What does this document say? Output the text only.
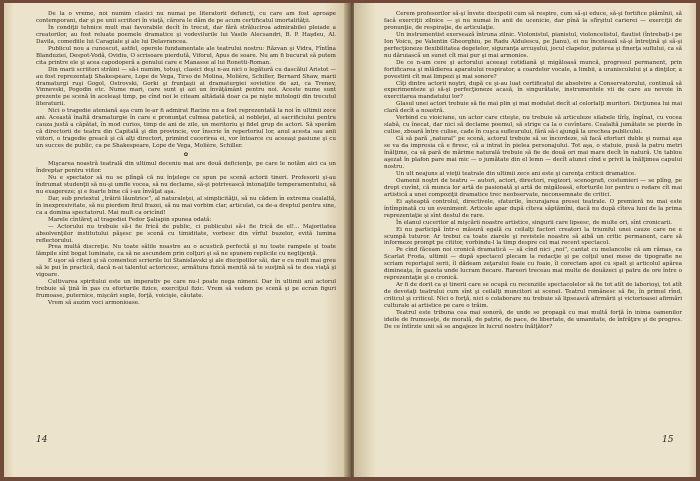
De la o vreme, noi numim clasici nu numai pe literatorii defuncţi, cu care am fost aproape contemporani, dar şi pe unii scriitori în viaţă, cărora le dăm de pe acum certificatul imortalităţii.

În condiţii tehnice mult mai favorabile decît în trecut, dar fără străluciroa admirabilei pleiade a creatorilor, au fost reluate poemele dramatice şi vodevilurile lui Vasile Alecsandri, B. P. Haşdeu, Al. Davila, comediile lui Caragiale şi ale lui Delavrancea.

Publicul nou a cunoscut, astfel, operele fundamentale ale teatrului nostru: Răzvan şi Vidra, Fîntîna Blanduziei, Despot-Vodă, Ovidiu, O scrisoare pierdută, Viforul, Apus de soare. Nu am fi bucurat să putem cita printre ele şi acea capodoperă a genului care e Manasse al lui Ronetti-Roman.

Din marii scriitori străini — să-i numim, totuşi, clasici deşi n-au nici o legătură cu dascălul Aristot — au fost reprezentaţi Shakespeare, Lope de Vega, Tirso de Molina, Molière, Schiller, Bernard Shaw, marii dramaturgi ruşi Gogol, Ostrovski, Gorki şi frunţaşii ai dramaturgiei sovietice de azi, ca Trenev, Vinnevski, Pogodin etc. Nume mari, care sunt şi azi un învăţământ pentru noi. Aceste nume sunt prezente pe scenă în aceleaşi timp, pe cînd noi le citeam altădată doar ca pe nişte mitologii din trecutul literaturii.

Nici o tragedie ateniană aşa cum le-ar fi admirat Racine nu a fost reprezentată la noi în ultimii zece ani. Această înaltă dramaturgie în care e pronunţat culmea patetică, al nobleţei, al sacrificiului pentru cauza justă a căpătat, în mod curios, timp de ani de zile, un meritoriu şi fidel grup de actori. Să sperăm că directorii de teatru din Capitală şi din provincie, vor înscrie în repertoriul lor, anul acesta sau anii viitori, o tragedie greacă şi că alţi directori, primind cucerirea ei, vor întoarce cu aceeaşi pasiune şi cu un succes de public, ca pe Shakespeare, Lope de Vega, Molière, Schiller.

✿

Mişcarea noastră teatrală din ultimul deceniu mai are două deficienţe, pe care le notăm aici ca un îndreptar pentru viitor.

Nu e spectator să nu se plîngă că nu înţelege ce spun pe scenă actorii tineri. Profesorii şi-au îndrumat studenţii să nu-şi umfle vocea, să nu declame, să-şi potrivească intonaţiile temperamentului, să nu exagereze; şi e foarte bine că i-au învăţat aşa.

Dar, sub pretextul „trăirii lăuntrice”, al naturaleţei, al simplicităţii, să nu cădem în extrema cealaltă, în inexpresivitate, să nu pierdem firul frazei, să nu mai vorbim clar, articulat, ca de-a dreptul pentru sine, ca a domina spectatorul. Mai mult ca oricînd!

Marele cîntăreţ al tragediei Fedor Şaliapin spunea odată:

— Actorului nu trebuie să-i fie frică de public, ci publicului să-i fie frică de el!... Majoritatea absolvenţilor institutului păşesc pe scenă cu timiditate, vorbesc din vîrful buzelor, evită lumina reflectorului.

Prea multă discreţie. Nu toate sălile noastre au o acustică perfectă şi nu toate rampele şi toate lămpile sînt bogat luminate, ca să ne ascundem prin colţuri şi să ne spunem replicile cu neglijenţă.

E uşor să citezi şi să comentezi scrierile lui Stanislavski şi ale discipolilor săi, dar e cu mult mai greu să le pui în practică, dacă n-ai talentul actoricesc, armătura fizică menită să te susţină să te dea viaţă şi vigoare.

Cultivarea spiritului este un imperativ pe care nu-l poate nega nimeni. Dar în ultimii ani actorul trebuie să ţină în pas cu eforturile fizice, exerciţiul fizic. Vrem să vedem pe scenă şi pe ecran figuri frumoase, puternice, mişcări suple, forţă, voicişie, căutate.

Vrem să auzim voci armonioase.

14

Cerem profesorilor să-şi învete discipolii cum să respire, cum să-şi educe, să-şi fortifice plămînii, să facă exerciţii zilnice — şi nu numai în anii de ucenicie, dar pînă la sfîrşitul carierei — exerciţii de pronunţie, de respiraţie, de articulaţie.

Un instrumentist exersează întruna zilnic. Violonistul, pianistul, violoncelistul, flautist (întrebaţi-i pe Ion Voicu, pe Valentin Gheorghiu, pe Radu Aldulescu, pe Jianu), ei nu încetează să-şi întreţină şi să-şi perfecţioneze flexibilitatea degetelor, siguranţa arcuşului, jocul clapelor, puterea şi finerţa suflului, ca să nu dăruiască un sunet cît mai pur şi mai armonios.

De ce n-am cere şi actorului aceeaşi cotidiană şi migăloasă muncă, progresul permanent, prin fortificarea şi mlădierea aparatului respirator, a coardelor vocale, a limbii, a uranisculului şi a dinţilor, a povestirii cît mai limpezi şi mai sonore?

Cîţi dintre actorii noştri, după ce şi-au luat certificatul de absolvire a Conservatorului, continuă să experimenteze şi să-şi perfecţioneze acasă, în singurătate, instrumentele vii de care au nevoie în exercitarea mandatului lor?

Glasul unei actori trebuie să fie mai plin şi mai modulat decît al celorlalţi muritori. Dicţiunea lui mai clară decît a noastră.

Verbind cu vioiciune, un actor care citeşte, nu trebuie să articuleze silabele tîrîş, îngînat, cu vocea slabă, cu înecat, dar nici să declame poemul, să strige ca la o cuvîntare. Cealaltă jumătate se pierde în culise, zboară între culise, cade în cuşca sufleurului, fără să-i ajungă la urechea publicului.

Că să pară „natural” pe scenă, actorul trebuie să se încordeze, să facă eforturi duble şi numai aşa se va da impresia că e firesc, că a intrat în pielea personajului. Tot aşa, o statuie, pusă la patru metri înălţime, ca să pară de mărime naturală trebuie să fie de două ori mai mare decît în natură. Un tablou aşezat în plafon pare mai mic — o jumătate din el lemn — decît atunci cînd e privit la înălţimea capului nostru.

Un ult neajuns al vieţii teatrale din ultimii zece ani este şi carenţa criticii dramatice.

Oamenii noştri de teatru — autori, actori, directori, regizori, scenografi, costumieri — se plîng, pe drept cuvînt, că munca lor artă de pasionată şi artă de migăloasă, eforturile lor pentru o redare cît mai artistică a unei compoziţii dramatice trec neobservate, neconsemnate de critici.

Ei aşteaptă controlul, directivele, sfaturile, încurajarea presei teatrale. O premieră nu mai este întîmpinată cu un eveniment. Articole apar după cîteva săptămîni, dacă nu după cîteva luni de la prima reprezentaţie şi sînt destul de rare.

În elanul cuceritor al mişcării noastre artistice, singurii care lipsesc, de multe ori, sînt cronicarii.

Ei nu participă într-o măsură egală cu ceilalţi factori creatori la triumful unei cauze care ne e scumpă tuturor. Ar trebui ca toate ziarele şi revistele noastre să aibă un critic permanent, care să informeze prompt pe cititor, vorbindu-l la timp despre cel mai recent spectacol.

Pe cînd făceam noi cronică dramatică — să cînd nici „noi”, cantat cu melancolie că am rămas, ca Scarlat Froda, ultimii — după spectacol plecam la redacţie şi pe colţul unei mese de tipografie ne scriam reportajul serii, îl dădeam zeţarului foaie cu foaie, îl corectam apoi cu spalt şi articolul apărea dimineaţa, în gazeta unde lucram fiecare. Rareori treceau mai multe de douăzeci şi patru de ore între o reprezentaţie şi o cronică.

Ar fi de dorit ca şi tinerii care se ocupă cu recenziile spectacolelor să fie tot atît de laborioşi, tot atît de devotaţi teatrului cum sînt şi ceilalţi muncitori ai scenei. Teatrul românesc să fie, în primul rînd, criticul şi criticul. Nici o forţă, nici o colaborare nu trebuie să lipsească afirmării şi victorioasei afirmări culturale ai artistice pe care o trăim.

Teatrul este tribuna cea mai sonoră, de unde se propagă cu mai multă forţă în inima oamenilor ideile de frumuseţe, de morală, de patrie, de pace, de libertate, de umanitate, de înfrăţire şi de progres. De ce întîrzie unii să se angajeze în lucrul nostru înălţător?

15
